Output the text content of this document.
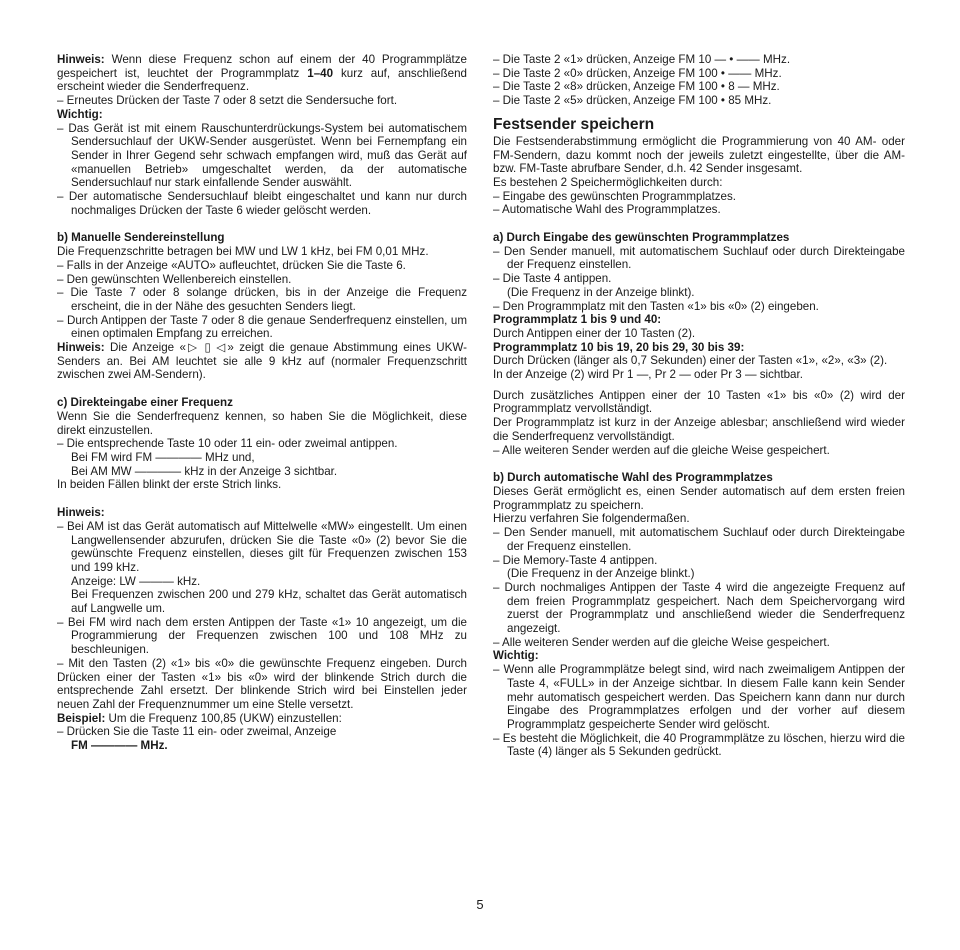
Hinweis: Wenn diese Frequenz schon auf einem der 40 Programmplätze gespeichert ist, leuchtet der Programmplatz 1–40 kurz auf, anschließend erscheint wieder die Senderfrequenz.

– Erneutes Drücken der Taste 7 oder 8 setzt die Sendersuche fort.

Wichtig:

– Das Gerät ist mit einem Rauschunterdrückungs-System bei automatischem Sendersuchlauf der UKW-Sender ausgerüstet. Wenn bei Fernempfang ein Sender in Ihrer Gegend sehr schwach empfangen wird, muß das Gerät auf «manuellen Betrieb» umgeschaltet werden, da der automatische Sendersuchlauf nur stark einfallende Sender auswählt.

– Der automatische Sendersuchlauf bleibt eingeschaltet und kann nur durch nochmaliges Drücken der Taste 6 wieder gelöscht werden.

b) Manuelle Sendereinstellung

Die Frequenzschritte betragen bei MW und LW 1 kHz, bei FM 0,01 MHz.

– Falls in der Anzeige «AUTO» aufleuchtet, drücken Sie die Taste 6.

– Den gewünschten Wellenbereich einstellen.

– Die Taste 7 oder 8 solange drücken, bis in der Anzeige die Frequenz erscheint, die in der Nähe des gesuchten Senders liegt.

– Durch Antippen der Taste 7 oder 8 die genaue Senderfrequenz einstellen, um einen optimalen Empfang zu erreichen.

Hinweis: Die Anzeige «▷ ▯ ◁» zeigt die genaue Abstimmung eines UKW-Senders an. Bei AM leuchtet sie alle 9 kHz auf (normaler Frequenzschritt zwischen zwei AM-Sendern).

c) Direkteingabe einer Frequenz

Wenn Sie die Senderfrequenz kennen, so haben Sie die Möglichkeit, diese direkt einzustellen.

– Die entsprechende Taste 10 oder 11 ein- oder zweimal antippen.

Bei FM wird FM ———— MHz und,

Bei AM MW ———— kHz in der Anzeige 3 sichtbar.

In beiden Fällen blinkt der erste Strich links.

Hinweis:

– Bei AM ist das Gerät automatisch auf Mittelwelle «MW» eingestellt. Um einen Langwellensender abzurufen, drücken Sie die Taste «0» (2) bevor Sie die gewünschte Frequenz einstellen, dieses gilt für Frequenzen zwischen 153 und 199 kHz.

Anzeige: LW ——— kHz.

Bei Frequenzen zwischen 200 und 279 kHz, schaltet das Gerät automatisch auf Langwelle um.

– Bei FM wird nach dem ersten Antippen der Taste «1» 10 angezeigt, um die Programmierung der Frequenzen zwischen 100 und 108 MHz zu beschleunigen.

– Mit den Tasten (2) «1» bis «0» die gewünschte Frequenz eingeben. Durch Drücken einer der Tasten «1» bis «0» wird der blinkende Strich durch die entsprechende Zahl ersetzt. Der blinkende Strich wird bei Einstellen jeder neuen Zahl der Frequenznummer um eine Stelle versetzt.

Beispiel: Um die Frequenz 100,85 (UKW) einzustellen:

– Drücken Sie die Taste 11 ein- oder zweimal, Anzeige

FM ———— MHz.

– Die Taste 2 «1» drücken, Anzeige FM 10 — • —— MHz.

– Die Taste 2 «0» drücken, Anzeige FM 100 • —— MHz.

– Die Taste 2 «8» drücken, Anzeige FM 100 • 8 — MHz.

– Die Taste 2 «5» drücken, Anzeige FM 100 • 85 MHz.

Festsender speichern

Die Festsenderabstimmung ermöglicht die Programmierung von 40 AM- oder FM-Sendern, dazu kommt noch der jeweils zuletzt eingestellte, über die AM- bzw. FM-Taste abrufbare Sender, d.h. 42 Sender insgesamt.

Es bestehen 2 Speichermöglichkeiten durch:

– Eingabe des gewünschten Programmplatzes.

– Automatische Wahl des Programmplatzes.

a) Durch Eingabe des gewünschten Programmplatzes

– Den Sender manuell, mit automatischem Suchlauf oder durch Direkteingabe der Frequenz einstellen.

– Die Taste 4 antippen.

(Die Frequenz in der Anzeige blinkt).

– Den Programmplatz mit den Tasten «1» bis «0» (2) eingeben.

Programmplatz 1 bis 9 und 40:

Durch Antippen einer der 10 Tasten (2).

Programmplatz 10 bis 19, 20 bis 29, 30 bis 39:

Durch Drücken (länger als 0,7 Sekunden) einer der Tasten «1», «2», «3» (2).

In der Anzeige (2) wird Pr 1 —, Pr 2 — oder Pr 3 — sichtbar.

Durch zusätzliches Antippen einer der 10 Tasten «1» bis «0» (2) wird der Programmplatz vervollständigt.

Der Programmplatz ist kurz in der Anzeige ablesbar; anschließend wird wieder die Senderfrequenz vervollständigt.

– Alle weiteren Sender werden auf die gleiche Weise gespeichert.

b) Durch automatische Wahl des Programmplatzes

Dieses Gerät ermöglicht es, einen Sender automatisch auf dem ersten freien Programmplatz zu speichern.

Hierzu verfahren Sie folgendermaßen.

– Den Sender manuell, mit automatischem Suchlauf oder durch Direkteingabe der Frequenz einstellen.

– Die Memory-Taste 4 antippen.

(Die Frequenz in der Anzeige blinkt.)

– Durch nochmaliges Antippen der Taste 4 wird die angezeigte Frequenz auf dem freien Programmplatz gespeichert. Nach dem Speichervorgang wird zuerst der Programmplatz und anschließend wieder die Senderfrequenz angezeigt.

– Alle weiteren Sender werden auf die gleiche Weise gespeichert.

Wichtig:

– Wenn alle Programmplätze belegt sind, wird nach zweimaligem Antippen der Taste 4, «FULL» in der Anzeige sichtbar. In diesem Falle kann kein Sender mehr automatisch gespeichert werden. Das Speichern kann dann nur durch Eingabe des Programmplatzes erfolgen und der vorher auf diesem Programmplatz gespeicherte Sender wird gelöscht.

– Es besteht die Möglichkeit, die 40 Programmplätze zu löschen, hierzu wird die Taste (4) länger als 5 Sekunden gedrückt.

5
